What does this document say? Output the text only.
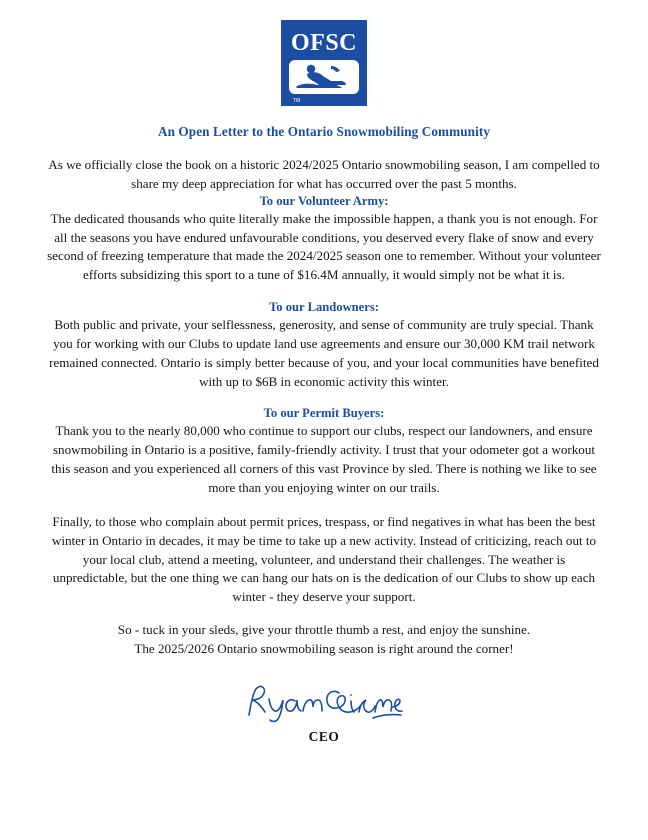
OFSC
TM
An Open Letter to the Ontario Snowmobiling Community

As we officially close the book on a historic 2024/2025 Ontario snowmobiling season, I am compelled to share my deep appreciation for what has occurred over the past 5 months.

To our Volunteer Army:

The dedicated thousands who quite literally make the impossible happen, a thank you is not enough. For all the seasons you have endured unfavourable conditions, you deserved every flake of snow and every second of freezing temperature that made the 2024/2025 season one to remember. Without your volunteer efforts subsidizing this sport to a tune of $16.4M annually, it would simply not be what it is.

To our Landowners:

Both public and private, your selflessness, generosity, and sense of community are truly special. Thank you for working with our Clubs to update land use agreements and ensure our 30,000 KM trail network remained connected. Ontario is simply better because of you, and your local communities have benefited with up to $6B in economic activity this winter.

To our Permit Buyers:

Thank you to the nearly 80,000 who continue to support our clubs, respect our landowners, and ensure snowmobiling in Ontario is a positive, family-friendly activity. I trust that your odometer got a workout this season and you experienced all corners of this vast Province by sled. There is nothing we like to see more than you enjoying winter on our trails.

Finally, to those who complain about permit prices, trespass, or find negatives in what has been the best winter in Ontario in decades, it may be time to take up a new activity. Instead of criticizing, reach out to your local club, attend a meeting, volunteer, and understand their challenges. The weather is unpredictable, but the one thing we can hang our hats on is the dedication of our Clubs to show up each winter - they deserve your support.

So - tuck in your sleds, give your throttle thumb a rest, and enjoy the sunshine.

The 2025/2026 Ontario snowmobiling season is right around the corner!

CEO
